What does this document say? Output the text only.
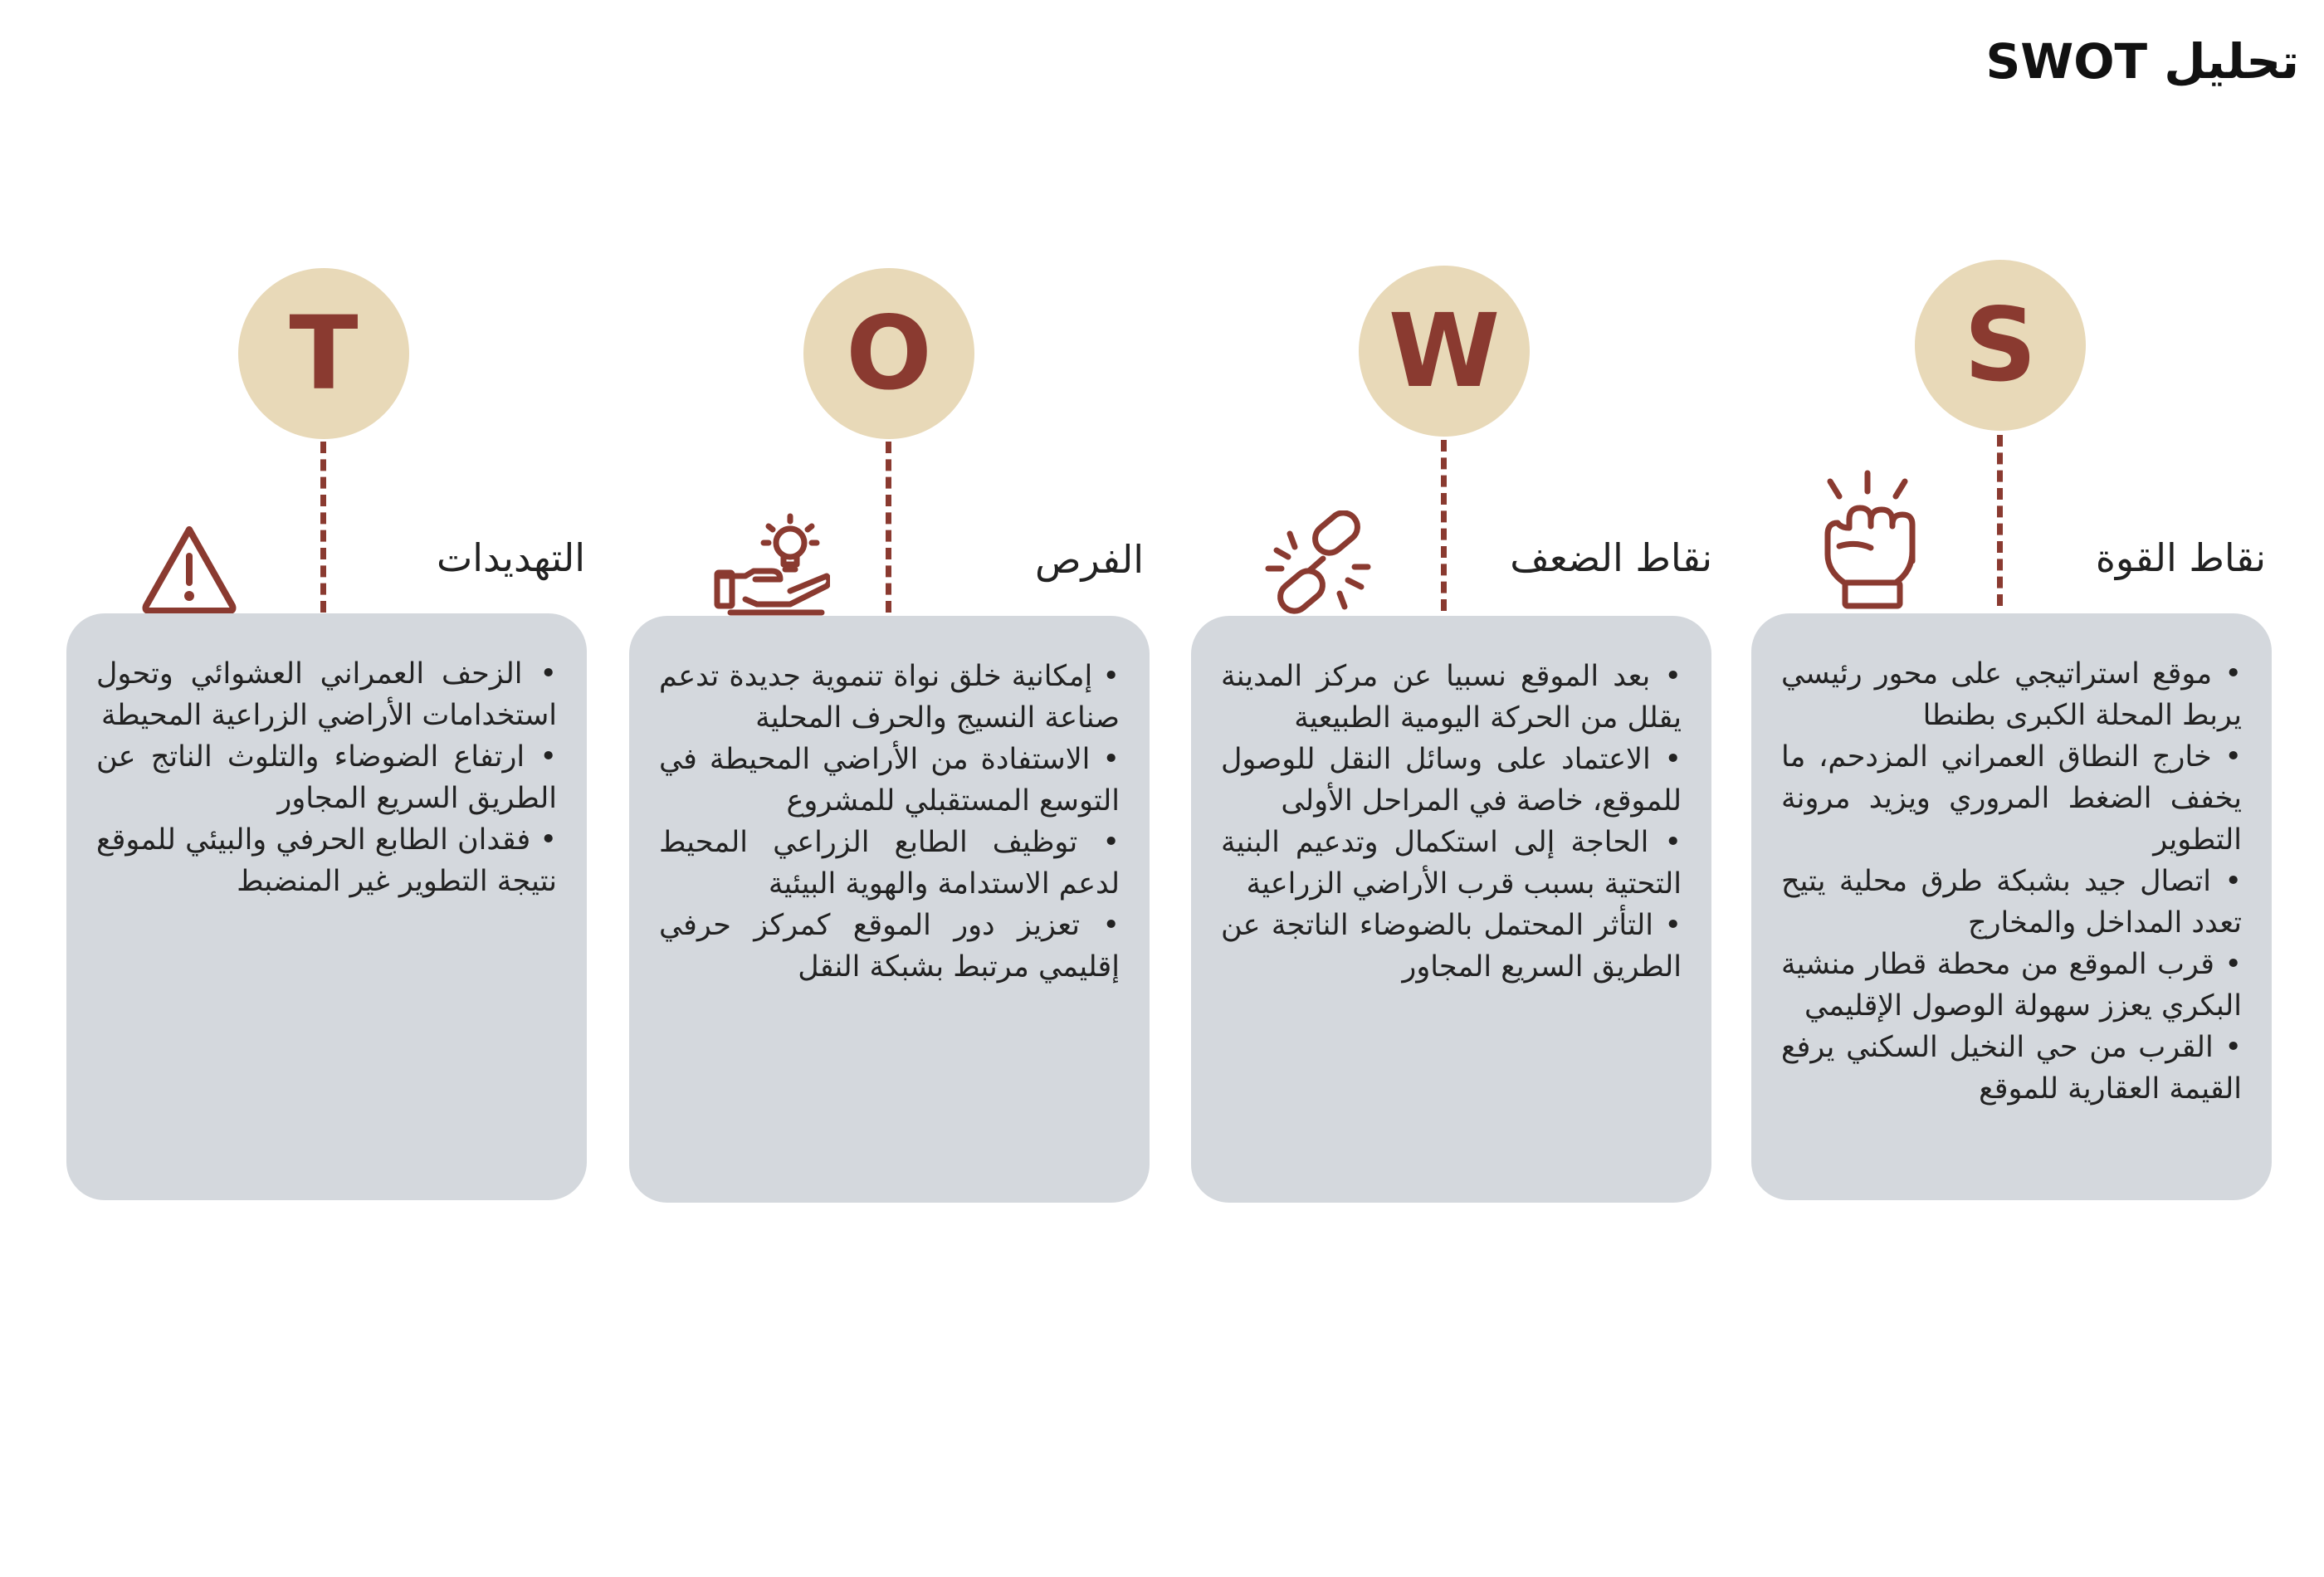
تحليل SWOT
S
نقاط القوة
• موقع استراتيجي على محور رئيسي يربط المحلة الكبرى بطنطا
• خارج النطاق العمراني المزدحم، ما يخفف الضغط المروري ويزيد مرونة التطوير
• اتصال جيد بشبكة طرق محلية يتيح تعدد المداخل والمخارج
• قرب الموقع من محطة قطار منشية البكري يعزز سهولة الوصول الإقليمي
• القرب من حي النخيل السكني يرفع القيمة العقارية للموقع
W
نقاط الضعف
• بعد الموقع نسبيا عن مركز المدينة يقلل من الحركة اليومية الطبيعية
• الاعتماد على وسائل النقل للوصول للموقع، خاصة في المراحل الأولى
• الحاجة إلى استكمال وتدعيم البنية التحتية بسبب قرب الأراضي الزراعية
• التأثر المحتمل بالضوضاء الناتجة عن الطريق السريع المجاور
O
الفرص
• إمكانية خلق نواة تنموية جديدة تدعم صناعة النسيج والحرف المحلية
• الاستفادة من الأراضي المحيطة في التوسع المستقبلي للمشروع
• توظيف الطابع الزراعي المحيط لدعم الاستدامة والهوية البيئية
• تعزيز دور الموقع كمركز حرفي إقليمي مرتبط بشبكة النقل
T
التهديدات
• الزحف العمراني العشوائي وتحول استخدامات الأراضي الزراعية المحيطة
• ارتفاع الضوضاء والتلوث الناتج عن الطريق السريع المجاور
• فقدان الطابع الحرفي والبيئي للموقع نتيجة التطوير غير المنضبط
